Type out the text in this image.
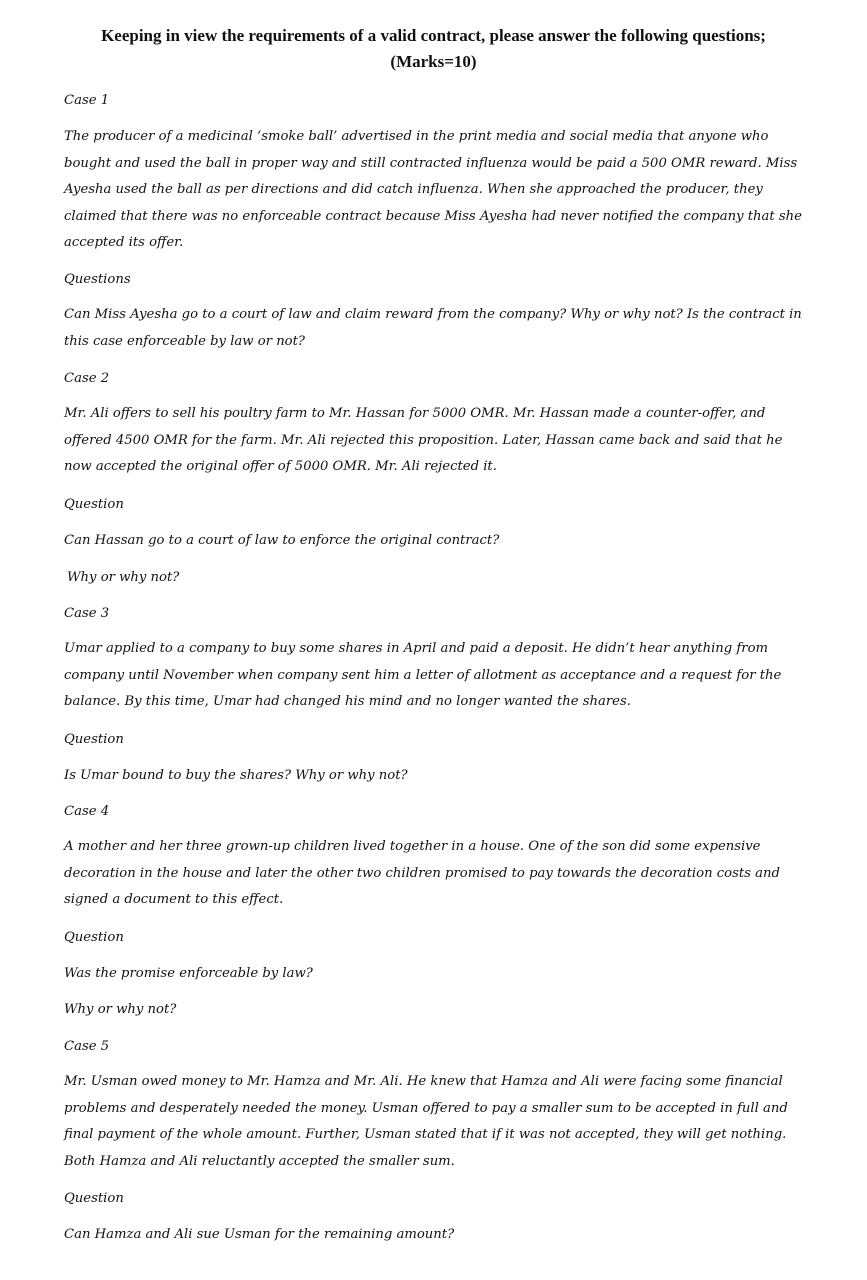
Keeping in view the requirements of a valid contract, please answer the following questions;
(Marks=10)

Case 1

The producer of a medicinal ‘smoke ball’ advertised in the print media and social media that anyone who bought and used the ball in proper way and still contracted influenza would be paid a 500 OMR reward. Miss Ayesha used the ball as per directions and did catch influenza. When she approached the producer, they claimed that there was no enforceable contract because Miss Ayesha had never notified the company that she accepted its offer.

Questions

Can Miss Ayesha go to a court of law and claim reward from the company? Why or why not? Is the contract in this case enforceable by law or not?

Case 2

Mr. Ali offers to sell his poultry farm to Mr. Hassan for 5000 OMR. Mr. Hassan made a counter-offer, and offered 4500 OMR for the farm. Mr. Ali rejected this proposition. Later, Hassan came back and said that he now accepted the original offer of 5000 OMR. Mr. Ali rejected it.

Question

Can Hassan go to a court of law to enforce the original contract?

Why or why not?

Case 3

Umar applied to a company to buy some shares in April and paid a deposit. He didn’t hear anything from company until November when company sent him a letter of allotment as acceptance and a request for the balance. By this time, Umar had changed his mind and no longer wanted the shares.

Question

Is Umar bound to buy the shares? Why or why not?

Case 4

A mother and her three grown-up children lived together in a house. One of the son did some expensive decoration in the house and later the other two children promised to pay towards the decoration costs and signed a document to this effect.

Question

Was the promise enforceable by law?

Why or why not?

Case 5

Mr. Usman owed money to Mr. Hamza and Mr. Ali. He knew that Hamza and Ali were facing some financial problems and desperately needed the money. Usman offered to pay a smaller sum to be accepted in full and final payment of the whole amount. Further, Usman stated that if it was not accepted, they will get nothing. Both Hamza and Ali reluctantly accepted the smaller sum.

Question

Can Hamza and Ali sue Usman for the remaining amount?
